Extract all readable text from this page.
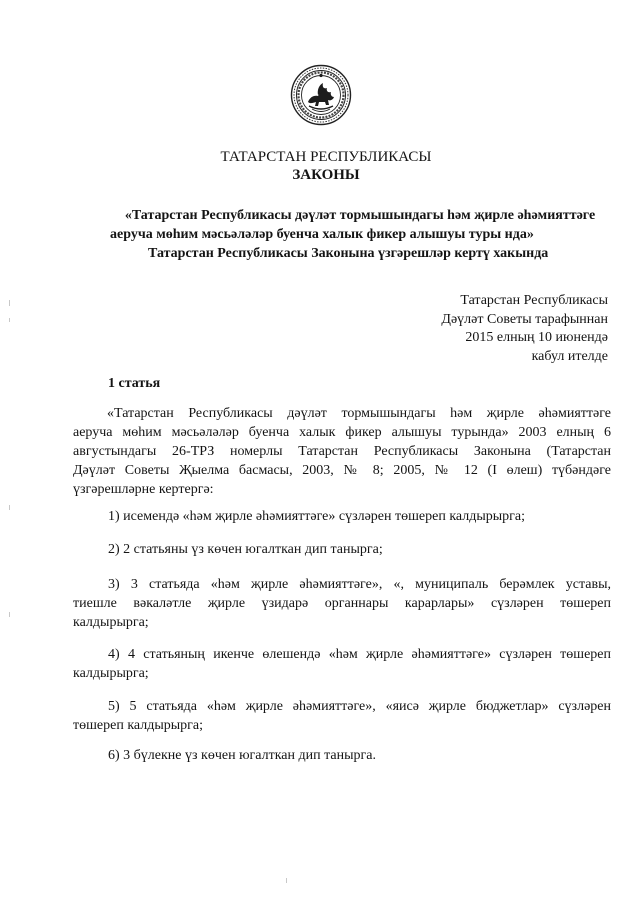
ТАТАРСТАН РЕСПУБЛИКАСЫ
ЗАКОНЫ
«Татарстан Республикасы дәүләт тормышындагы һәм җирле әһәмияттәге
аеруча мөһим мәсьәләләр буенча халык фикер алышуы туры нда»
Татарстан Республикасы Законына үзгәрешләр кертү хакында
Татарстан Республикасы
Дәүләт Советы тарафыннан
2015 елның 10 июнендә
кабул ителде
1 статья
«Татарстан Республикасы дәүләт тормышындагы һәм җирле әһәмияттәге
аеруча мөһим мәсьәләләр буенча халык фикер алышуы турында» 2003 елның 6
августындагы 26-ТРЗ номерлы Татарстан Республикасы Законына (Татарстан
Дәүләт Советы Җыелма басмасы, 2003, № 8; 2005, № 12 (I өлеш) түбәндәге
үзгәрешләрне кертергә:
1) исемендә «һәм җирле әһәмияттәге» сүзләрен төшереп калдырырга;
2) 2 статьяны үз көчен югалткан дип танырга;
3) 3 статьяда «һәм җирле әһәмияттәге», «, муниципаль берәмлек уставы,
тиешле вәкаләтле җирле үзидарә органнары карарлары» сүзләрен төшереп
калдырырга;
4) 4 статьяның икенче өлешендә «һәм җирле әһәмияттәге» сүзләрен төшереп
калдырырга;
5) 5 статьяда «һәм җирле әһәмияттәге», «яисә җирле бюджетлар» сүзләрен
төшереп калдырырга;
6) 3 бүлекне үз көчен югалткан дип танырга.
